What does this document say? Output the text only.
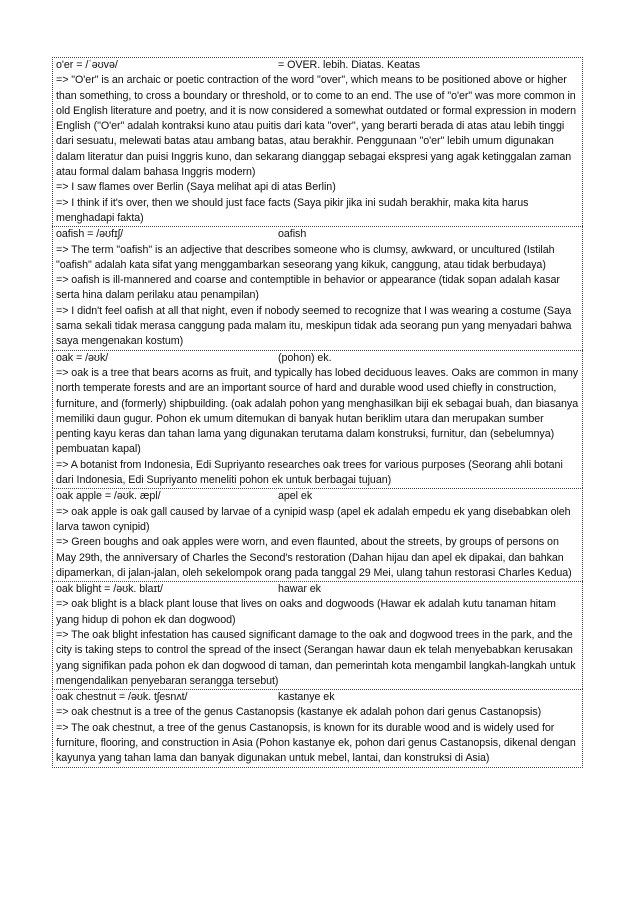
o'er = /ˈəʊvə/	= OVER. lebih. Diatas. Keatas

=> "O'er" is an archaic or poetic contraction of the word "over", which means to be positioned above or higher than something, to cross a boundary or threshold, or to come to an end. The use of "o'er" was more common in old English literature and poetry, and it is now considered a somewhat outdated or formal expression in modern English ("O'er" adalah kontraksi kuno atau puitis dari kata "over", yang berarti berada di atas atau lebih tinggi dari sesuatu, melewati batas atau ambang batas, atau berakhir. Penggunaan "o'er" lebih umum digunakan dalam literatur dan puisi Inggris kuno, dan sekarang dianggap sebagai ekspresi yang agak ketinggalan zaman atau formal dalam bahasa Inggris modern)

=> I saw flames over Berlin (Saya melihat api di atas Berlin)

=> I think if it's over, then we should just face facts (Saya pikir jika ini sudah berakhir, maka kita harus menghadapi fakta)

oafish = /əʊfɪʃ/	oafish

=> The term "oafish" is an adjective that describes someone who is clumsy, awkward, or uncultured (Istilah "oafish" adalah kata sifat yang menggambarkan seseorang yang kikuk, canggung, atau tidak berbudaya)

=> oafish is ill-mannered and coarse and contemptible in behavior or appearance (tidak sopan adalah kasar serta hina dalam perilaku atau penampilan)

=> I didn't feel oafish at all that night, even if nobody seemed to recognize that I was wearing a costume (Saya sama sekali tidak merasa canggung pada malam itu, meskipun tidak ada seorang pun yang menyadari bahwa saya mengenakan kostum)

oak = /əʊk/	(pohon) ek.

=> oak is a tree that bears acorns as fruit, and typically has lobed deciduous leaves. Oaks are common in many north temperate forests and are an important source of hard and durable wood used chiefly in construction, furniture, and (formerly) shipbuilding. (oak adalah pohon yang menghasilkan biji ek sebagai buah, dan biasanya memiliki daun gugur. Pohon ek umum ditemukan di banyak hutan beriklim utara dan merupakan sumber penting kayu keras dan tahan lama yang digunakan terutama dalam konstruksi, furnitur, dan (sebelumnya) pembuatan kapal)

=> A botanist from Indonesia, Edi Supriyanto researches oak trees for various purposes (Seorang ahli botani dari Indonesia, Edi Supriyanto meneliti pohon ek untuk berbagai tujuan)

oak apple = /əʊk. æpl/	apel ek

=> oak apple is oak gall caused by larvae of a cynipid wasp (apel ek adalah empedu ek yang disebabkan oleh larva tawon cynipid)

=> Green boughs and oak apples were worn, and even flaunted, about the streets, by groups of persons on May 29th, the anniversary of Charles the Second's restoration (Dahan hijau dan apel ek dipakai, dan bahkan dipamerkan, di jalan-jalan, oleh sekelompok orang pada tanggal 29 Mei, ulang tahun restorasi Charles Kedua)

oak blight = /əʊk. blaɪt/	hawar ek

=> oak blight is a black plant louse that lives on oaks and dogwoods (Hawar ek adalah kutu tanaman hitam yang hidup di pohon ek dan dogwood)

=> The oak blight infestation has caused significant damage to the oak and dogwood trees in the park, and the city is taking steps to control the spread of the insect (Serangan hawar daun ek telah menyebabkan kerusakan yang signifikan pada pohon ek dan dogwood di taman, dan pemerintah kota mengambil langkah-langkah untuk mengendalikan penyebaran serangga tersebut)

oak chestnut = /əʊk. tʃesnʌt/	kastanye ek

=> oak chestnut is a tree of the genus Castanopsis (kastanye ek adalah pohon dari genus Castanopsis)

=> The oak chestnut, a tree of the genus Castanopsis, is known for its durable wood and is widely used for furniture, flooring, and construction in Asia (Pohon kastanye ek, pohon dari genus Castanopsis, dikenal dengan kayunya yang tahan lama dan banyak digunakan untuk mebel, lantai, dan konstruksi di Asia)
